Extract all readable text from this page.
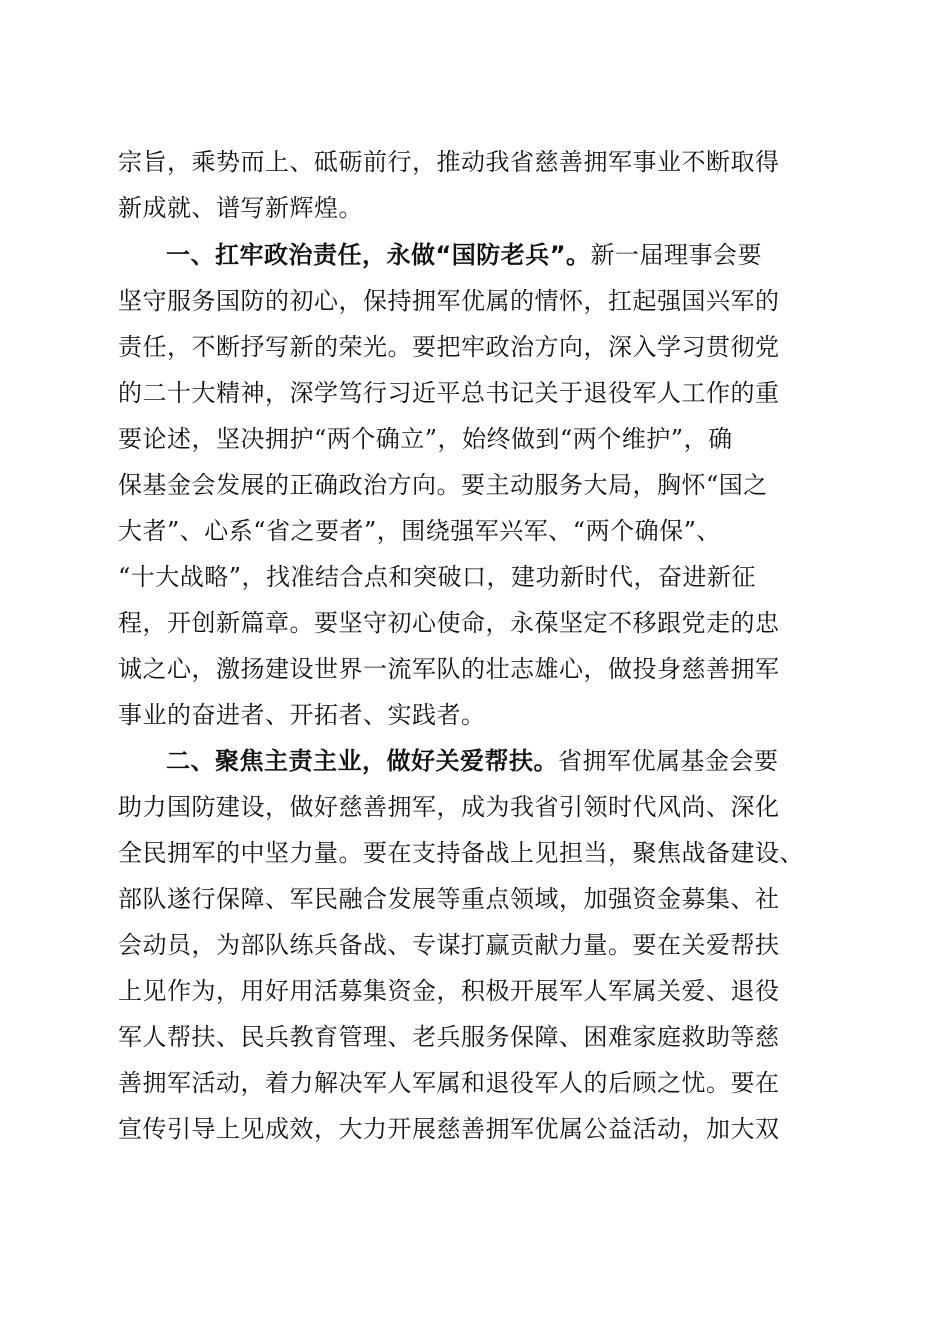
宗旨，乘势而上、砥砺前行，推动我省慈善拥军事业不断取得
新成就、谱写新辉煌。
一、扛牢政治责任，永做“国防老兵”。新一届理事会要
坚守服务国防的初心，保持拥军优属的情怀，扛起强国兴军的
责任，不断抒写新的荣光。要把牢政治方向，深入学习贯彻党
的二十大精神，深学笃行习近平总书记关于退役军人工作的重
要论述，坚决拥护“两个确立”，始终做到“两个维护”，确
保基金会发展的正确政治方向。要主动服务大局，胸怀“国之
大者”、心系“省之要者”，围绕强军兴军、“两个确保”、
“十大战略”，找准结合点和突破口，建功新时代，奋进新征
程，开创新篇章。要坚守初心使命，永葆坚定不移跟党走的忠
诚之心，激扬建设世界一流军队的壮志雄心，做投身慈善拥军
事业的奋进者、开拓者、实践者。
二、聚焦主责主业，做好关爱帮扶。省拥军优属基金会要
助力国防建设，做好慈善拥军，成为我省引领时代风尚、深化
全民拥军的中坚力量。要在支持备战上见担当，聚焦战备建设、
部队遂行保障、军民融合发展等重点领域，加强资金募集、社
会动员，为部队练兵备战、专谋打赢贡献力量。要在关爱帮扶
上见作为，用好用活募集资金，积极开展军人军属关爱、退役
军人帮扶、民兵教育管理、老兵服务保障、困难家庭救助等慈
善拥军活动，着力解决军人军属和退役军人的后顾之忧。要在
宣传引导上见成效，大力开展慈善拥军优属公益活动，加大双
